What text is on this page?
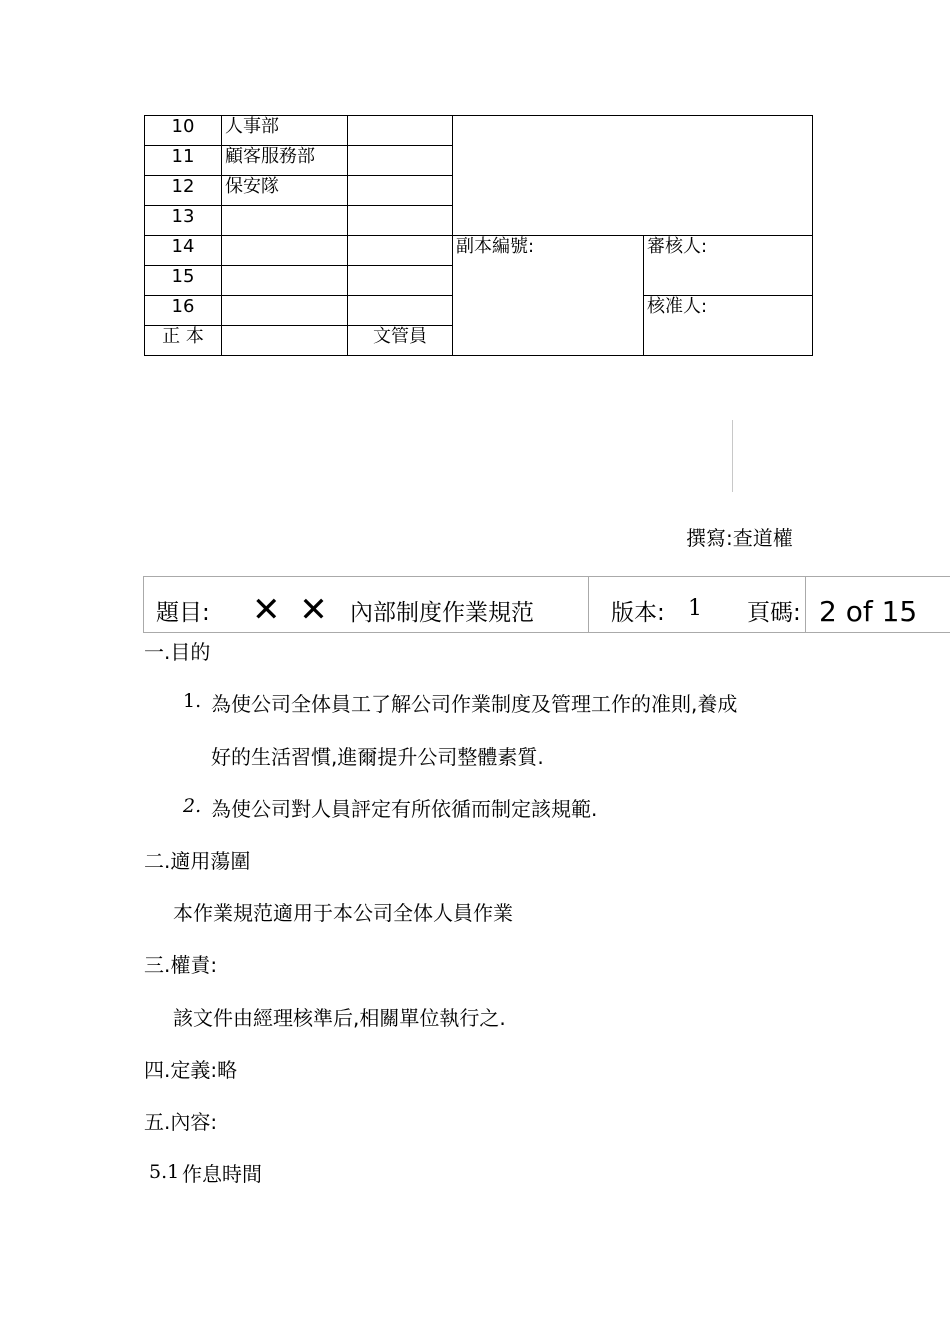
10	人事部			
11	顧客服務部			
12	保安隊			
13				
14			副本編號:	審核人:
15				
16				核准人:
正 本		文管員		
撰寫:查道權
題目: ✕ ✕ 內部制度作業規范	版本: 1 頁碼: 2 of 15
一.目的
1. 為使公司全体員工了解公司作業制度及管理工作的准則,養成
好的生活習慣,進爾提升公司整體素質.
2. 為使公司對人員評定有所依循而制定該規範.
二.適用蕩圍
本作業規范適用于本公司全体人員作業
三.權責:
該文件由經理核準后,相關單位執行之.
四.定義:略
五.內容:
5.1 作息時間
